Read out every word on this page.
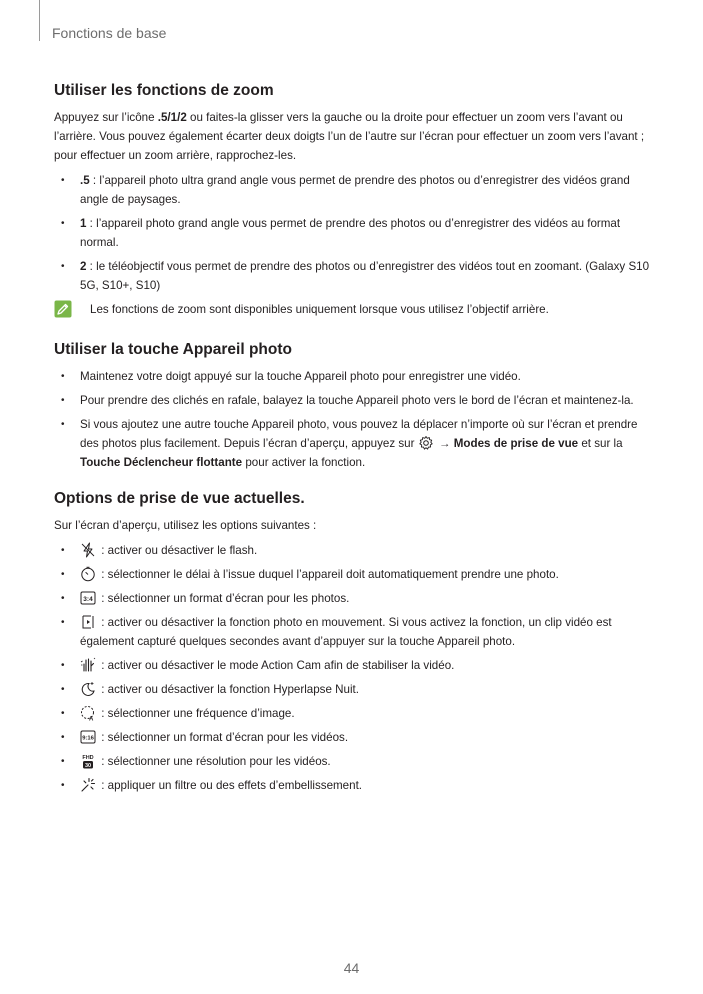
Fonctions de base
Utiliser les fonctions de zoom

Appuyez sur l’icône .5/1/2 ou faites-la glisser vers la gauche ou la droite pour effectuer un zoom vers l’avant ou l’arrière. Vous pouvez également écarter deux doigts l’un de l’autre sur l’écran pour effectuer un zoom vers l’avant ; pour effectuer un zoom arrière, rapprochez-les.

• .5 : l’appareil photo ultra grand angle vous permet de prendre des photos ou d’enregistrer des vidéos grand angle de paysages.
• 1 : l’appareil photo grand angle vous permet de prendre des photos ou d’enregistrer des vidéos au format normal.
• 2 : le téléobjectif vous permet de prendre des photos ou d’enregistrer des vidéos tout en zoomant. (Galaxy S10 5G, S10+, S10)
Les fonctions de zoom sont disponibles uniquement lorsque vous utilisez l’objectif arrière.
Utiliser la touche Appareil photo
• Maintenez votre doigt appuyé sur la touche Appareil photo pour enregistrer une vidéo.
• Pour prendre des clichés en rafale, balayez la touche Appareil photo vers le bord de l’écran et maintenez-la.
• Si vous ajoutez une autre touche Appareil photo, vous pouvez la déplacer n’importe où sur l’écran et prendre des photos plus facilement. Depuis l’écran d’aperçu, appuyez sur
→ Modes de prise de vue et sur la Touche Déclencheur flottante pour activer la fonction.
Options de prise de vue actuelles.

Sur l’écran d’aperçu, utilisez les options suivantes :

• : activer ou désactiver le flash.
• : sélectionner le délai à l’issue duquel l’appareil doit automatiquement prendre une photo.
• 3:4 : sélectionner un format d’écran pour les photos.
• : activer ou désactiver la fonction photo en mouvement. Si vous activez la fonction, un clip vidéo est également capturé quelques secondes avant d’appuyer sur la touche Appareil photo.
• : activer ou désactiver le mode Action Cam afin de stabiliser la vidéo.
• : activer ou désactiver la fonction Hyperlapse Nuit.
• A : sélectionner une fréquence d’image.
• 9:16 : sélectionner un format d’écran pour les vidéos.
• FHD
30 : sélectionner une résolution pour les vidéos.
• : appliquer un filtre ou des effets d’embellissement.
44
